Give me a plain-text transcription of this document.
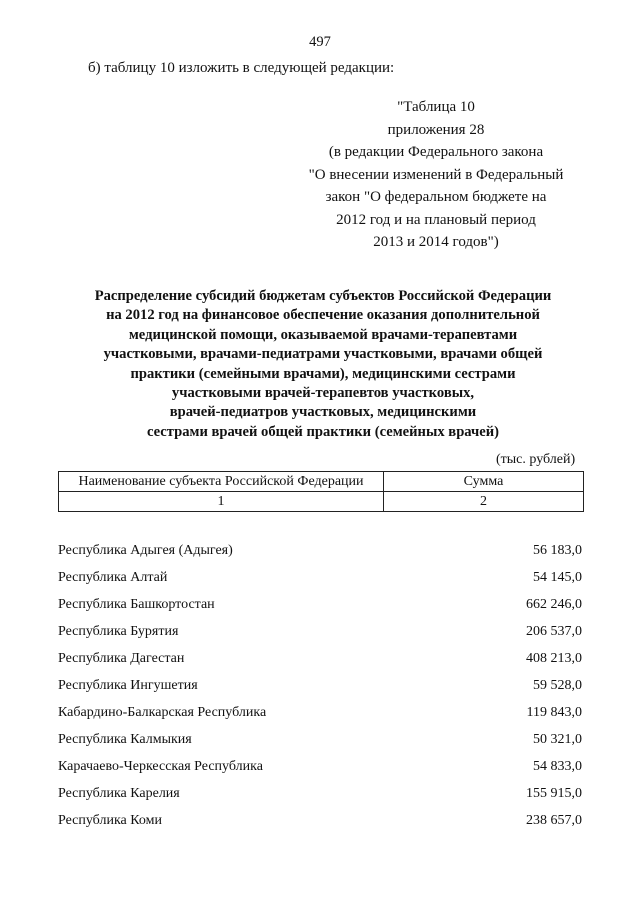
497
б) таблицу 10 изложить в следующей редакции:
"Таблица 10
приложения 28
(в редакции Федерального закона
"О внесении изменений в Федеральный
закон "О федеральном бюджете на
2012 год и на плановый период
2013 и 2014 годов")
Распределение субсидий бюджетам субъектов Российской Федерации
на 2012 год на финансовое обеспечение оказания дополнительной
медицинской помощи, оказываемой врачами-терапевтами
участковыми, врачами-педиатрами участковыми, врачами общей
практики (семейными врачами), медицинскими сестрами
участковыми врачей-терапевтов участковых,
врачей-педиатров участковых, медицинскими
сестрами врачей общей практики (семейных врачей)
(тыс. рублей)
Наименование субъекта Российской Федерации	Сумма
1	2
Республика Адыгея (Адыгея)	56 183,0
Республика Алтай	54 145,0
Республика Башкортостан	662 246,0
Республика Бурятия	206 537,0
Республика Дагестан	408 213,0
Республика Ингушетия	59 528,0
Кабардино-Балкарская Республика	119 843,0
Республика Калмыкия	50 321,0
Карачаево-Черкесская Республика	54 833,0
Республика Карелия	155 915,0
Республика Коми	238 657,0
